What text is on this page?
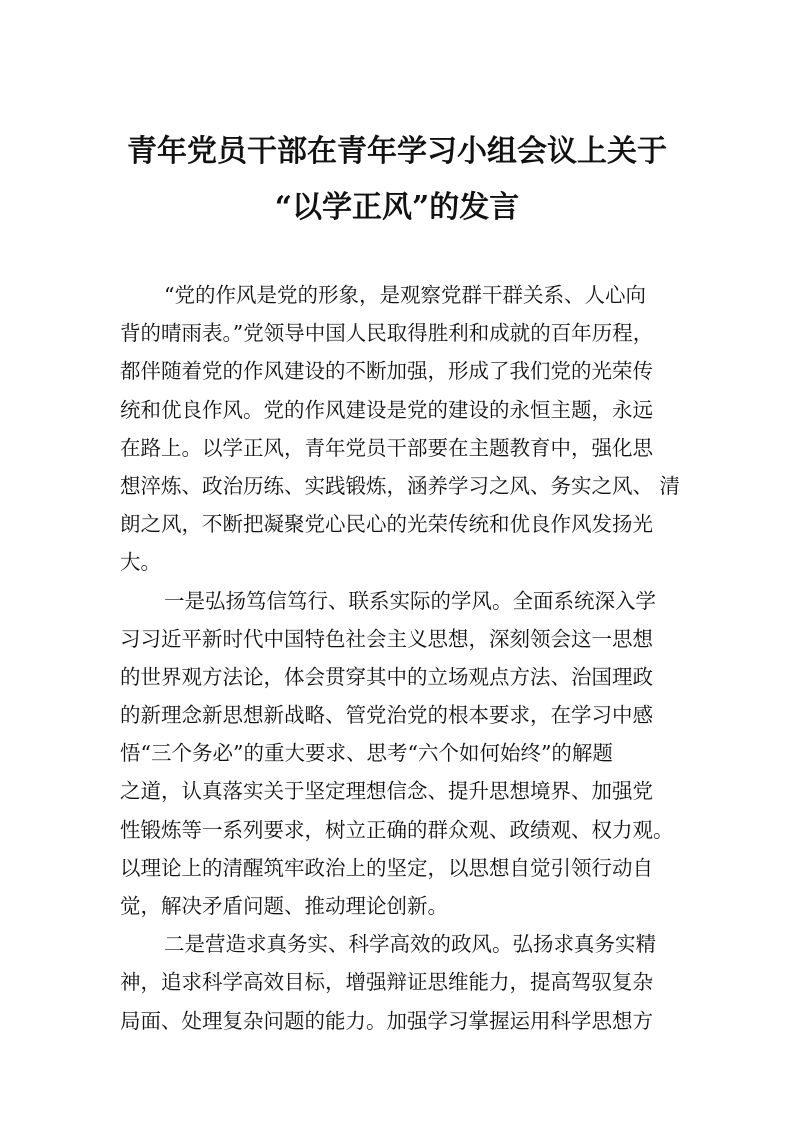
青年党员干部在青年学习小组会议上关于
“以学正风”的发言

“党的作风是党的形象，是观察党群干群关系、人心向
背的晴雨表。”党领导中国人民取得胜利和成就的百年历程，
都伴随着党的作风建设的不断加强，形成了我们党的光荣传
统和优良作风。党的作风建设是党的建设的永恒主题，永远
在路上。以学正风，青年党员干部要在主题教育中，强化思
想淬炼、政治历练、实践锻炼，涵养学习之风、务实之风、 清
朗之风，不断把凝聚党心民心的光荣传统和优良作风发扬光
大。

一是弘扬笃信笃行、联系实际的学风。全面系统深入学
习习近平新时代中国特色社会主义思想，深刻领会这一思想
的世界观方法论，体会贯穿其中的立场观点方法、治国理政
的新理念新思想新战略、管党治党的根本要求，在学习中感
悟“三个务必”的重大要求、思考“六个如何始终”的解题
之道，认真落实关于坚定理想信念、提升思想境界、加强党
性锻炼等一系列要求，树立正确的群众观、政绩观、权力观。
以理论上的清醒筑牢政治上的坚定，以思想自觉引领行动自
觉，解决矛盾问题、推动理论创新。

二是营造求真务实、科学高效的政风。弘扬求真务实精
神，追求科学高效目标，增强辩证思维能力，提高驾驭复杂
局面、处理复杂问题的能力。加强学习掌握运用科学思想方
